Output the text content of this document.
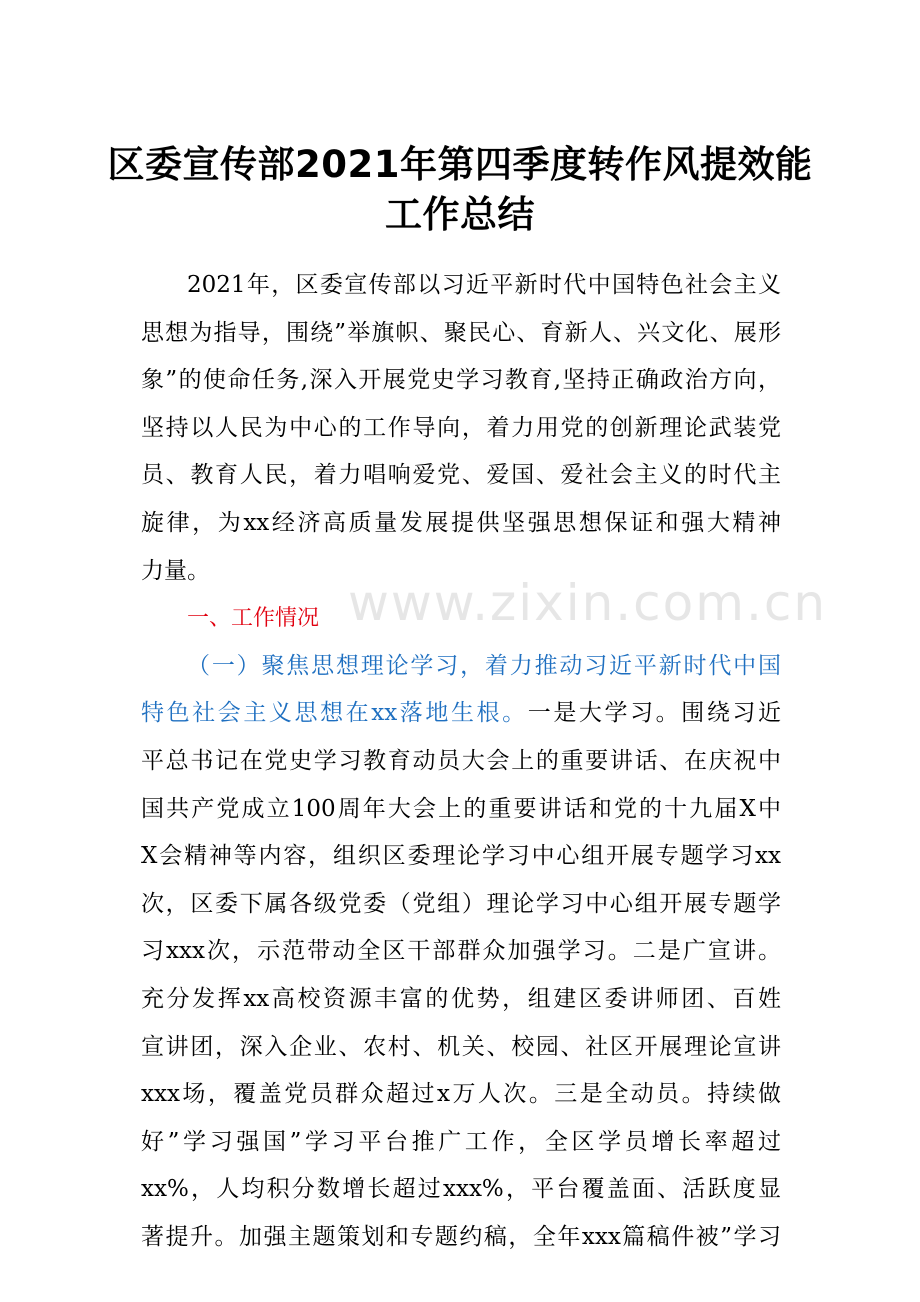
www.zixin.com.cn
区委宣传部2021年第四季度转作风提效能
工作总结
2021年，区委宣传部以习近平新时代中国特色社会主义
思想为指导，围绕”举旗帜、聚民心、育新人、兴文化、展形
象”的使命任务,深入开展党史学习教育,坚持正确政治方向，
坚持以人民为中心的工作导向，着力用党的创新理论武装党
员、教育人民，着力唱响爱党、爱国、爱社会主义的时代主
旋律，为xx经济高质量发展提供坚强思想保证和强大精神
力量。
一、工作情况
（一）聚焦思想理论学习，着力推动习近平新时代中国
特色社会主义思想在xx落地生根。一是大学习。围绕习近
平总书记在党史学习教育动员大会上的重要讲话、在庆祝中
国共产党成立100周年大会上的重要讲话和党的十九届X中
X会精神等内容，组织区委理论学习中心组开展专题学习xx
次，区委下属各级党委（党组）理论学习中心组开展专题学
习xxx次，示范带动全区干部群众加强学习。二是广宣讲。
充分发挥xx高校资源丰富的优势，组建区委讲师团、百姓
宣讲团，深入企业、农村、机关、校园、社区开展理论宣讲
xxx场，覆盖党员群众超过x万人次。三是全动员。持续做
好”学习强国”学习平台推广工作，全区学员增长率超过
xx%，人均积分数增长超过xxx%，平台覆盖面、活跃度显
著提升。加强主题策划和专题约稿，全年xxx篇稿件被”学习
